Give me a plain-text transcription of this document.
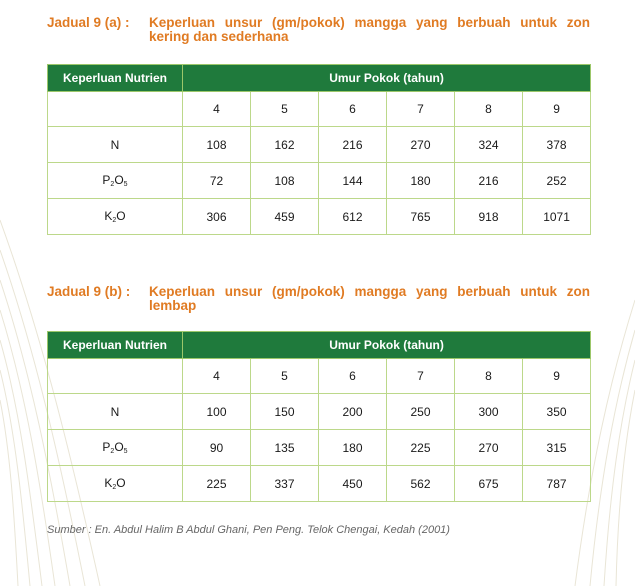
Jadual 9 (a) :	Keperluan unsur (gm/pokok) mangga yang berbuah untuk zon kering dan sederhana
Keperluan Nutrien	Umur Pokok (tahun)					
	4	5	6	7	8	9
N	108	162	216	270	324	378
$P_2O_5$	72	108	144	180	216	252
$K_2O$	306	459	612	765	918	1071
Jadual 9 (b) :	Keperluan unsur (gm/pokok) mangga yang berbuah untuk zon lembap
Keperluan Nutrien	Umur Pokok (tahun)					
	4	5	6	7	8	9
N	100	150	200	250	300	350
$P_2O_5$	90	135	180	225	270	315
$K_2O$	225	337	450	562	675	787
Sumber : En. Abdul Halim B Abdul Ghani, Pen Peng. Telok Chengai, Kedah (2001)
